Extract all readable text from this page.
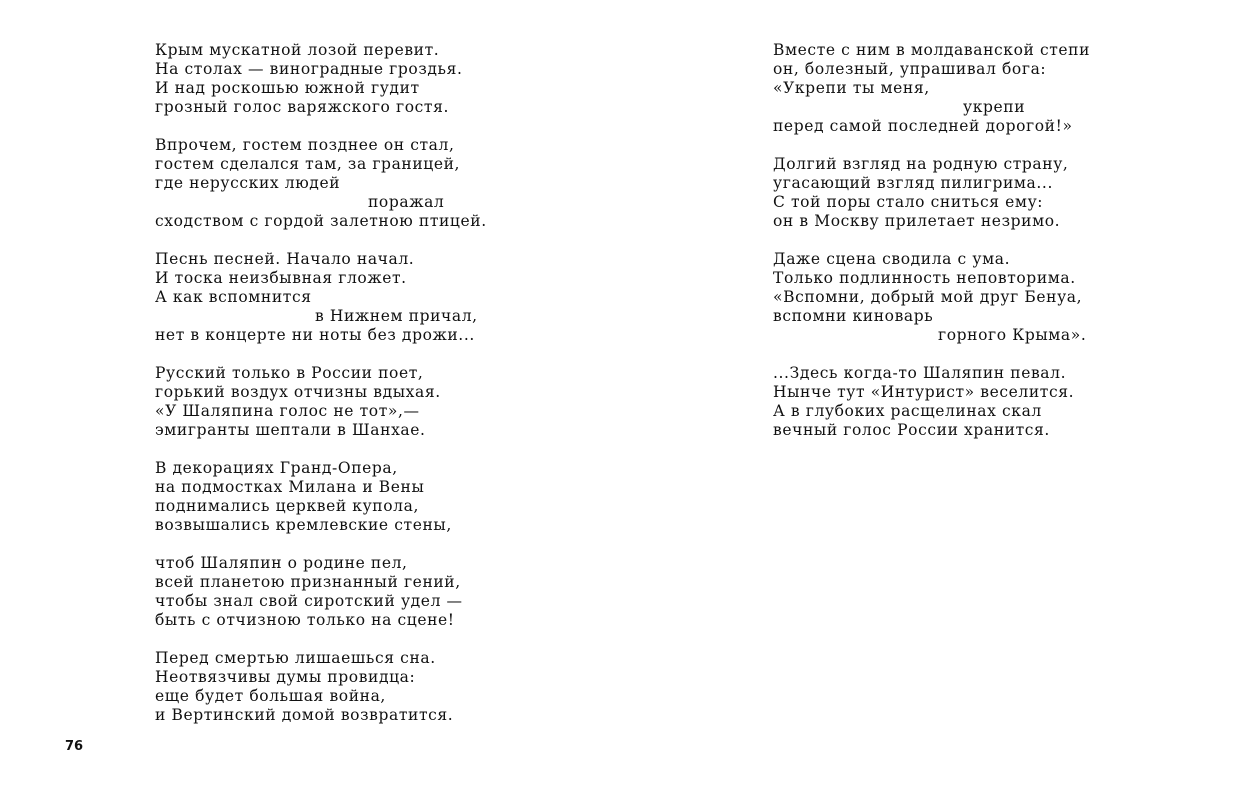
Крым мускатной лозой перевит.
На столах — виноградные гроздья.
И над роскошью южной гудит
грозный голос варяжского гостя.
Впрочем, гостем позднее он стал,
гостем сделался там, за границей,
где нерусских людей
поражал
сходством с гордой залетною птицей.
Песнь песней. Начало начал.
И тоска неизбывная гложет.
А как вспомнится
в Нижнем причал,
нет в концерте ни ноты без дрожи...
Русский только в России поет,
горький воздух отчизны вдыхая.
«У Шаляпина голос не тот»,—
эмигранты шептали в Шанхае.
В декорациях Гранд-Опера,
на подмостках Милана и Вены
поднимались церквей купола,
возвышались кремлевские стены,
чтоб Шаляпин о родине пел,
всей планетою признанный гений,
чтобы знал свой сиротский удел —
быть с отчизною только на сцене!
Перед смертью лишаешься сна.
Неотвязчивы думы провидца:
еще будет большая война,
и Вертинский домой возвратится.
76
Вместе с ним в молдаванской степи
он, болезный, упрашивал бога:
«Укрепи ты меня,
укрепи
перед самой последней дорогой!»
Долгий взгляд на родную страну,
угасающий взгляд пилигрима...
С той поры стало сниться ему:
он в Москву прилетает незримо.
Даже сцена сводила с ума.
Только подлинность неповторима.
«Вспомни, добрый мой друг Бенуа,
вспомни киноварь
горного Крыма».
...Здесь когда-то Шаляпин певал.
Нынче тут «Интурист» веселится.
А в глубоких расщелинах скал
вечный голос России хранится.
